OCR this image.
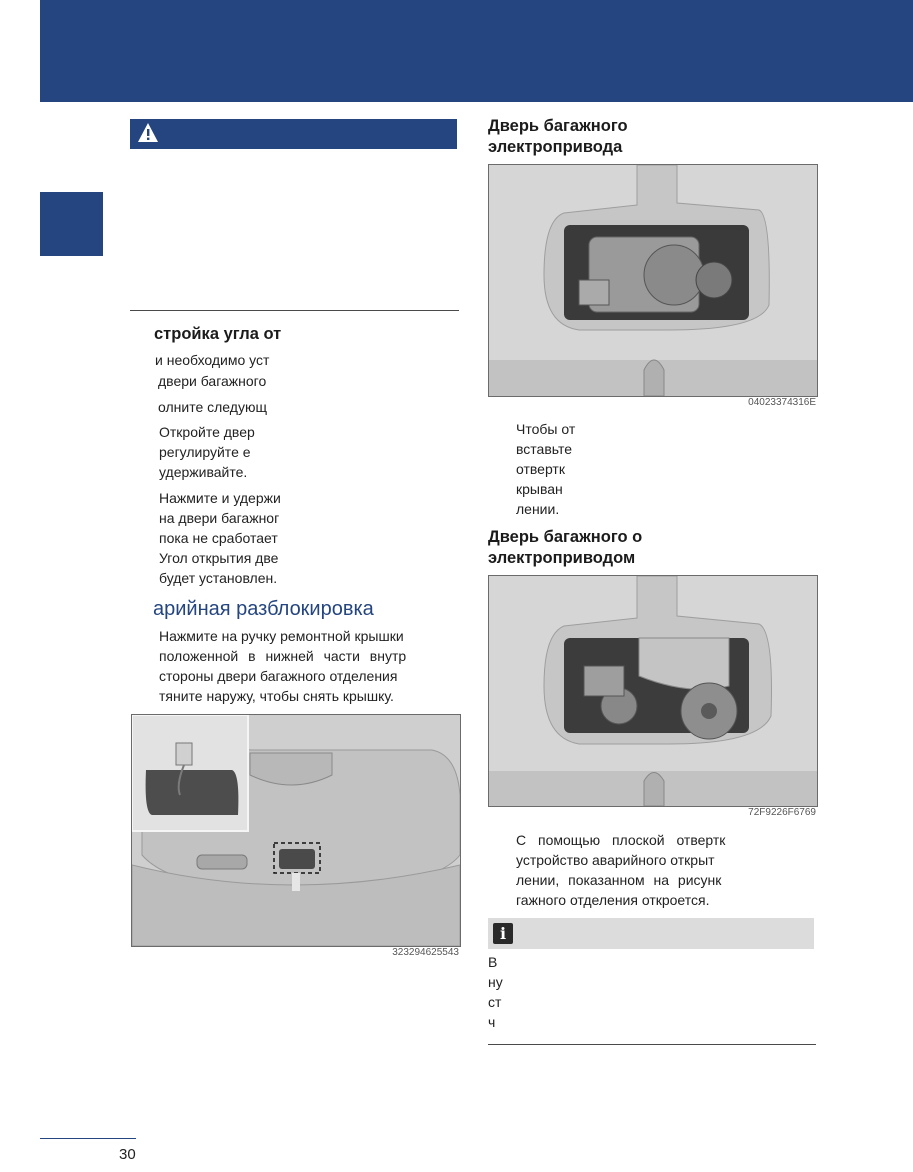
стройка угла от
и необходимо уст
двери багажного
олните следующ
Откройте двер
регулируйте е
удерживайте.
Нажмите и удержи
на двери багажног
пока не сработает
Угол открытия две
будет установлен.
арийная разблокировка
Нажмите на ручку ремонтной крышки
положенной в нижней части внутр
стороны двери багажного отделения
тяните наружу, чтобы снять крышку.
323294625543
Дверь багажного
электропривода
04023374316E
Чтобы от
вставьте
отвертк
крыван
лении.
Дверь багажного о
электроприводом
72F9226F6769
С помощью плоской отвертк
устройство аварийного открыт
лении, показанном на рисунк
гажного отделения откроется.
i
В
ну
ст
ч
30
